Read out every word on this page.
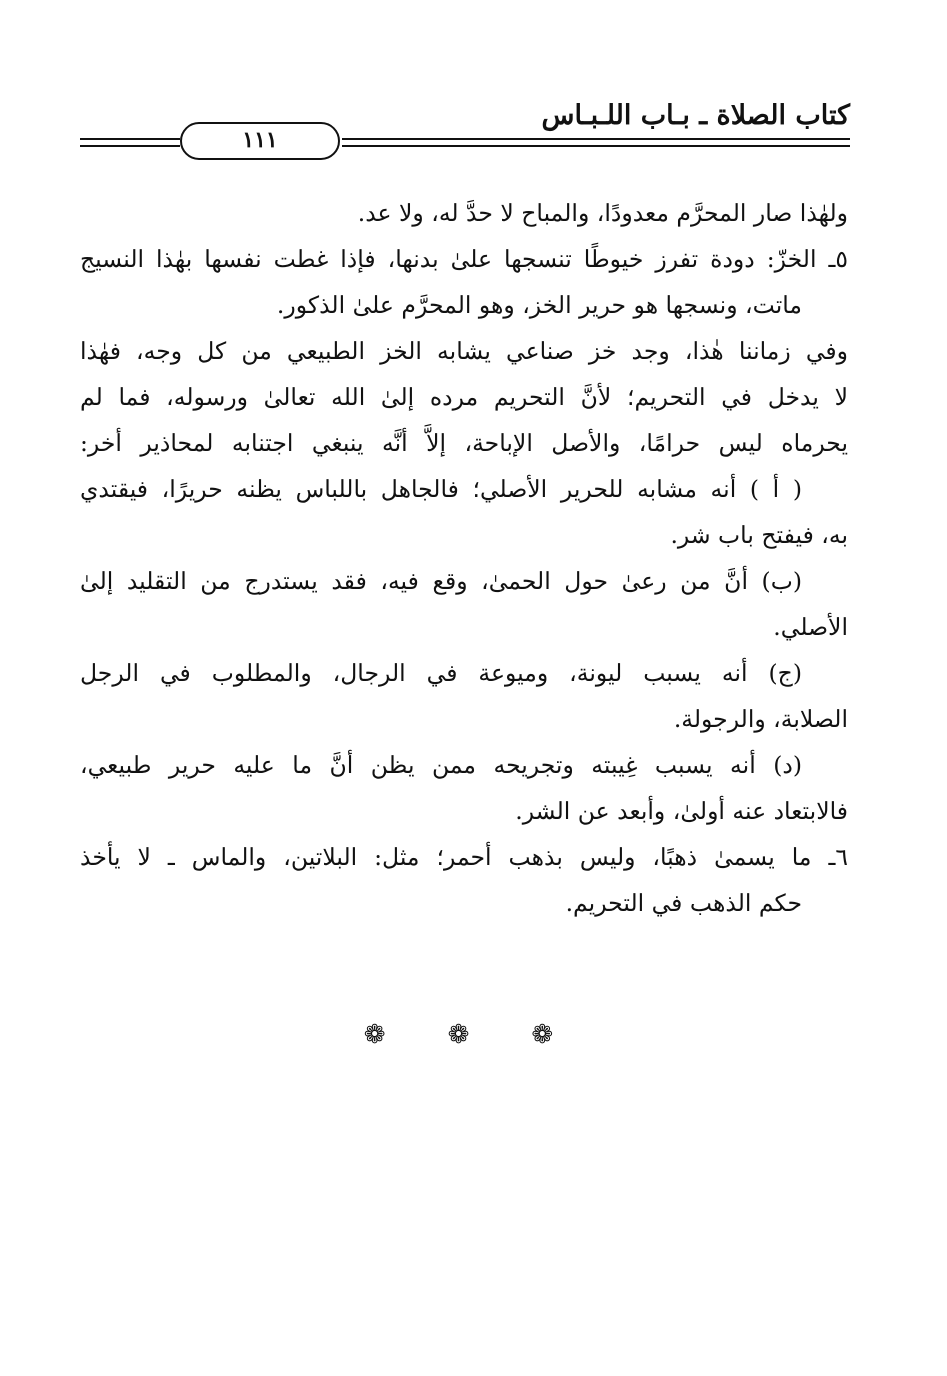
كتاب الصلاة ـ بـاب اللـبـاس
١١١
ولهٰذا صار المحرَّم معدودًا، والمباح لا حدَّ له، ولا عد.
٥ـ الخزّ: دودة تفرز خيوطًا تنسجها علىٰ بدنها، فإذا غطت نفسها بهٰذا النسيج
ماتت، ونسجها هو حرير الخز، وهو المحرَّم علىٰ الذكور.
وفي زماننا هٰذا، وجد خز صناعي يشابه الخز الطبيعي من كل وجه، فهٰذا
لا يدخل في التحريم؛ لأنَّ التحريم مرده إلىٰ الله تعالىٰ ورسوله، فما لم
يحرماه ليس حرامًا، والأصل الإباحة، إلاَّ أنَّه ينبغي اجتنابه لمحاذير أخر:
( أ ) أنه مشابه للحرير الأصلي؛ فالجاهل باللباس يظنه حريرًا، فيقتدي
به، فيفتح باب شر.
(ب) أنَّ من رعىٰ حول الحمىٰ، وقع فيه، فقد يستدرج من التقليد إلىٰ
الأصلي.
(ج) أنه يسبب ليونة، وميوعة في الرجال، والمطلوب في الرجل
الصلابة، والرجولة.
(د) أنه يسبب غِيبته وتجريحه ممن يظن أنَّ ما عليه حرير طبيعي،
فالابتعاد عنه أولىٰ، وأبعد عن الشر.
٦ـ ما يسمىٰ ذهبًا، وليس بذهب أحمر؛ مثل: البلاتين، والماس ـ لا يأخذ
حكم الذهب في التحريم.
❁ ❁ ❁
